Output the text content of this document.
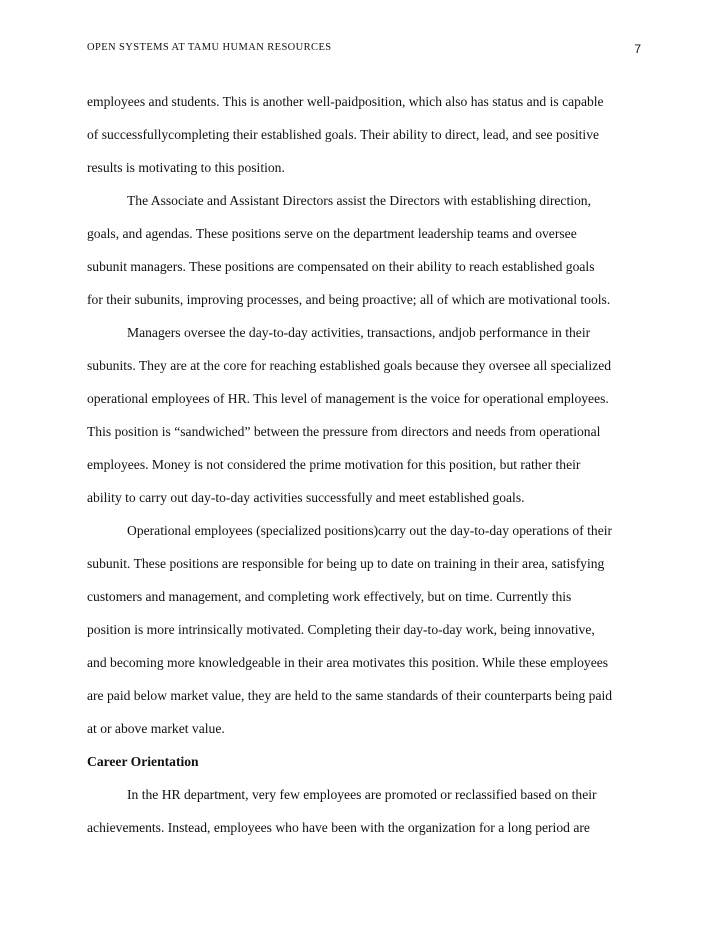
OPEN SYSTEMS AT TAMU HUMAN RESOURCES	7
employees and students. This is another well-paidposition, which also has status and is capable
of successfullycompleting their established goals. Their ability to direct, lead, and see positive
results is motivating to this position.
The Associate and Assistant Directors assist the Directors with establishing direction,
goals, and agendas. These positions serve on the department leadership teams and oversee
subunit managers. These positions are compensated on their ability to reach established goals
for their subunits, improving processes, and being proactive; all of which are motivational tools.
Managers oversee the day-to-day activities, transactions, andjob performance in their
subunits. They are at the core for reaching established goals because they oversee all specialized
operational employees of HR. This level of management is the voice for operational employees.
This position is “sandwiched” between the pressure from directors and needs from operational
employees. Money is not considered the prime motivation for this position, but rather their
ability to carry out day-to-day activities successfully and meet established goals.
Operational employees (specialized positions)carry out the day-to-day operations of their
subunit. These positions are responsible for being up to date on training in their area, satisfying
customers and management, and completing work effectively, but on time. Currently this
position is more intrinsically motivated. Completing their day-to-day work, being innovative,
and becoming more knowledgeable in their area motivates this position. While these employees
are paid below market value, they are held to the same standards of their counterparts being paid
at or above market value.
Career Orientation
In the HR department, very few employees are promoted or reclassified based on their
achievements. Instead, employees who have been with the organization for a long period are
